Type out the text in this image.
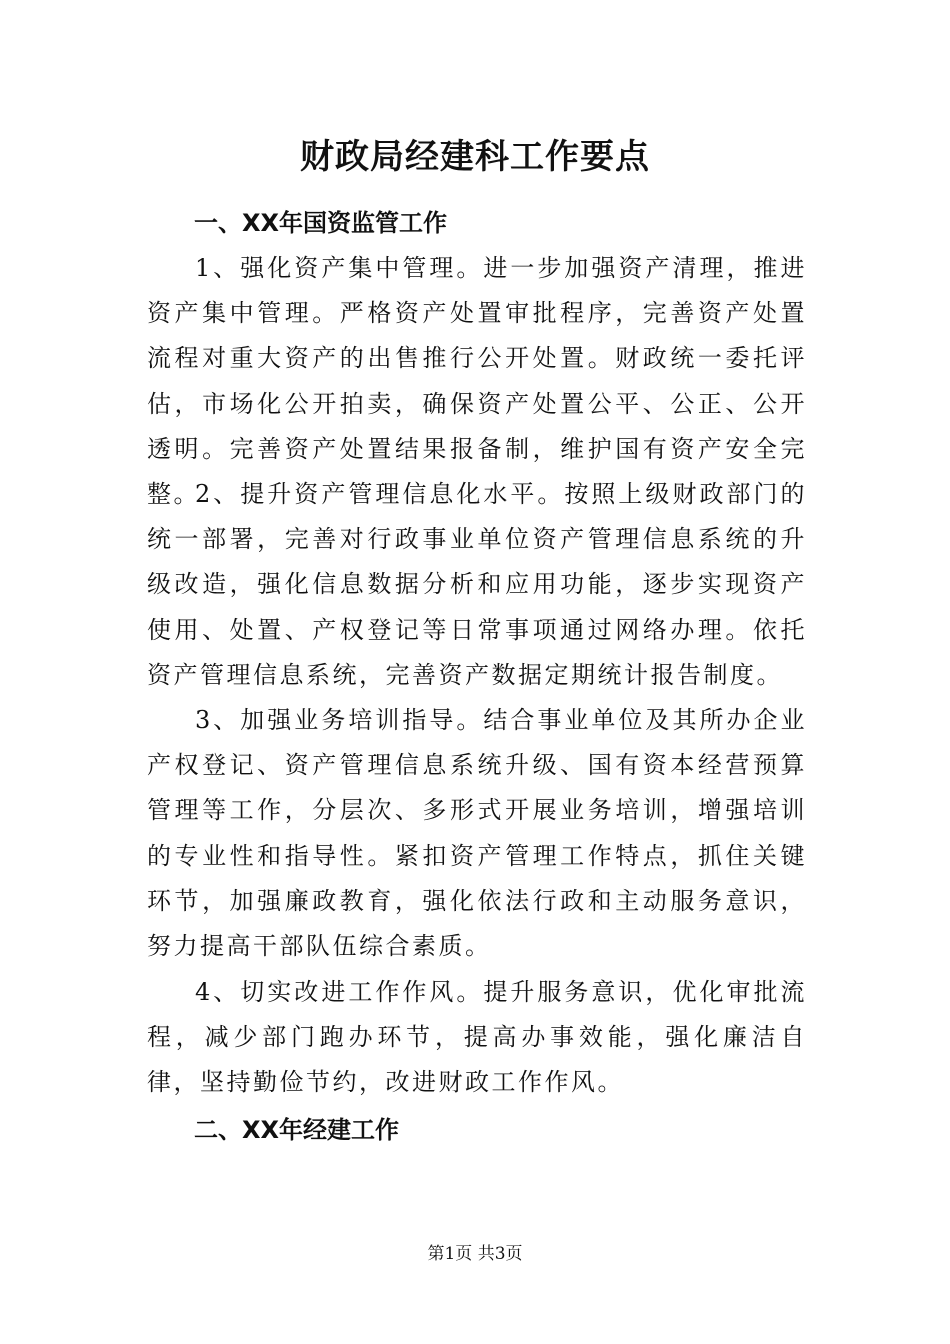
财政局经建科工作要点
一、XX年国资监管工作

1、强化资产集中管理。进一步加强资产清理，推进资产集中管理。严格资产处置审批程序，完善资产处置流程对重大资产的出售推行公开处置。财政统一委托评估，市场化公开拍卖，确保资产处置公平、公正、公开透明。完善资产处置结果报备制，维护国有资产安全完整。

2、提升资产管理信息化水平。按照上级财政部门的统一部署，完善对行政事业单位资产管理信息系统的升级改造，强化信息数据分析和应用功能，逐步实现资产使用、处置、产权登记等日常事项通过网络办理。依托资产管理信息系统，完善资产数据定期统计报告制度。

3、加强业务培训指导。结合事业单位及其所办企业产权登记、资产管理信息系统升级、国有资本经营预算管理等工作，分层次、多形式开展业务培训，增强培训的专业性和指导性。紧扣资产管理工作特点，抓住关键环节，加强廉政教育，强化依法行政和主动服务意识，努力提高干部队伍综合素质。

4、切实改进工作作风。提升服务意识，优化审批流程，减少部门跑办环节，提高办事效能，强化廉洁自律，坚持勤俭节约，改进财政工作作风。

二、XX年经建工作
第1页 共3页
